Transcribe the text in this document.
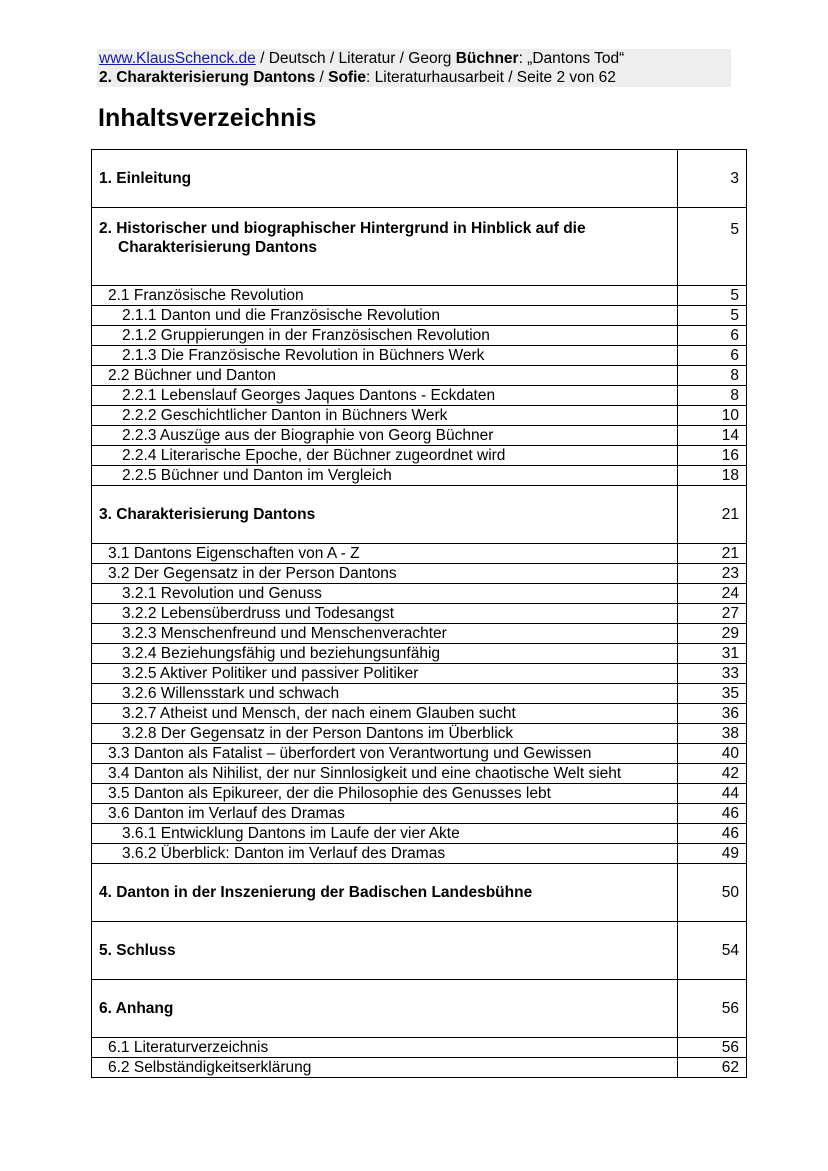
www.KlausSchenck.de / Deutsch / Literatur / Georg Büchner: „Dantons Tod“
2. Charakterisierung Dantons / Sofie: Literaturhausarbeit / Seite 2 von 62
Inhaltsverzeichnis
1. Einleitung	3

2. Historischer und biographischer Hintergrund in Hinblick auf die Charakterisierung Dantons	5

2.1 Französische Revolution	5
2.1.1 Danton und die Französische Revolution	5
2.1.2 Gruppierungen in der Französischen Revolution	6
2.1.3 Die Französische Revolution in Büchners Werk	6
2.2 Büchner und Danton	8
2.2.1 Lebenslauf Georges Jaques Dantons - Eckdaten	8
2.2.2 Geschichtlicher Danton in Büchners Werk	10
2.2.3 Auszüge aus der Biographie von Georg Büchner	14
2.2.4 Literarische Epoche, der Büchner zugeordnet wird	16
2.2.5 Büchner und Danton im Vergleich	18

3. Charakterisierung Dantons	21

3.1 Dantons Eigenschaften von A - Z	21
3.2 Der Gegensatz in der Person Dantons	23
3.2.1 Revolution und Genuss	24
3.2.2 Lebensüberdruss und Todesangst	27
3.2.3 Menschenfreund und Menschenverachter	29
3.2.4 Beziehungsfähig und beziehungsunfähig	31
3.2.5 Aktiver Politiker und passiver Politiker	33
3.2.6 Willensstark und schwach	35
3.2.7 Atheist und Mensch, der nach einem Glauben sucht	36
3.2.8 Der Gegensatz in der Person Dantons im Überblick	38
3.3 Danton als Fatalist – überfordert von Verantwortung und Gewissen	40
3.4 Danton als Nihilist, der nur Sinnlosigkeit und eine chaotische Welt sieht	42
3.5 Danton als Epikureer, der die Philosophie des Genusses lebt	44
3.6 Danton im Verlauf des Dramas	46
3.6.1 Entwicklung Dantons im Laufe der vier Akte	46
3.6.2 Überblick: Danton im Verlauf des Dramas	49

4. Danton in der Inszenierung der Badischen Landesbühne	50

5. Schluss	54

6. Anhang	56

6.1 Literaturverzeichnis	56
6.2 Selbständigkeitserklärung	62
